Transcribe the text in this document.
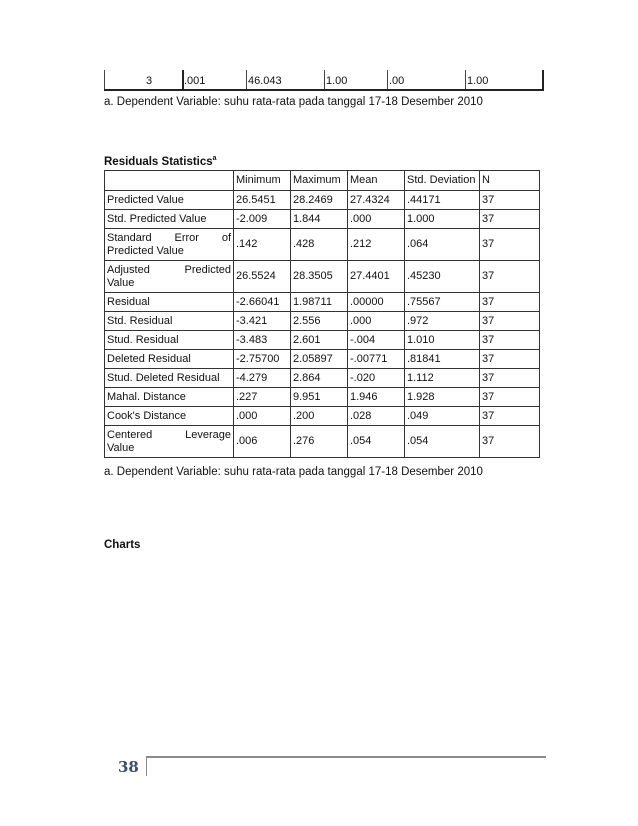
3	.001	46.043	1.00	.00	1.00
a. Dependent Variable: suhu rata-rata pada tanggal 17-18 Desember 2010
Residuals Statistics$^a$
	Minimum	Maximum	Mean	Std. Deviation	N

Predicted Value	26.5451	28.2469	27.4324	.44171	37

Std. Predicted Value	-2.009	1.844	.000	1.000	37

Standard Error of
Predicted Value	.142	.428	.212	.064	37

Adjusted Predicted
Value	26.5524	28.3505	27.4401	.45230	37

Residual	-2.66041	1.98711	.00000	.75567	37

Std. Residual	-3.421	2.556	.000	.972	37

Stud. Residual	-3.483	2.601	-.004	1.010	37

Deleted Residual	-2.75700	2.05897	-.00771	.81841	37

Stud. Deleted Residual	-4.279	2.864	-.020	1.112	37

Mahal. Distance	.227	9.951	1.946	1.928	37

Cook's Distance	.000	.200	.028	.049	37

Centered Leverage
Value	.006	.276	.054	.054	37
a. Dependent Variable: suhu rata-rata pada tanggal 17-18 Desember 2010
Charts
38
